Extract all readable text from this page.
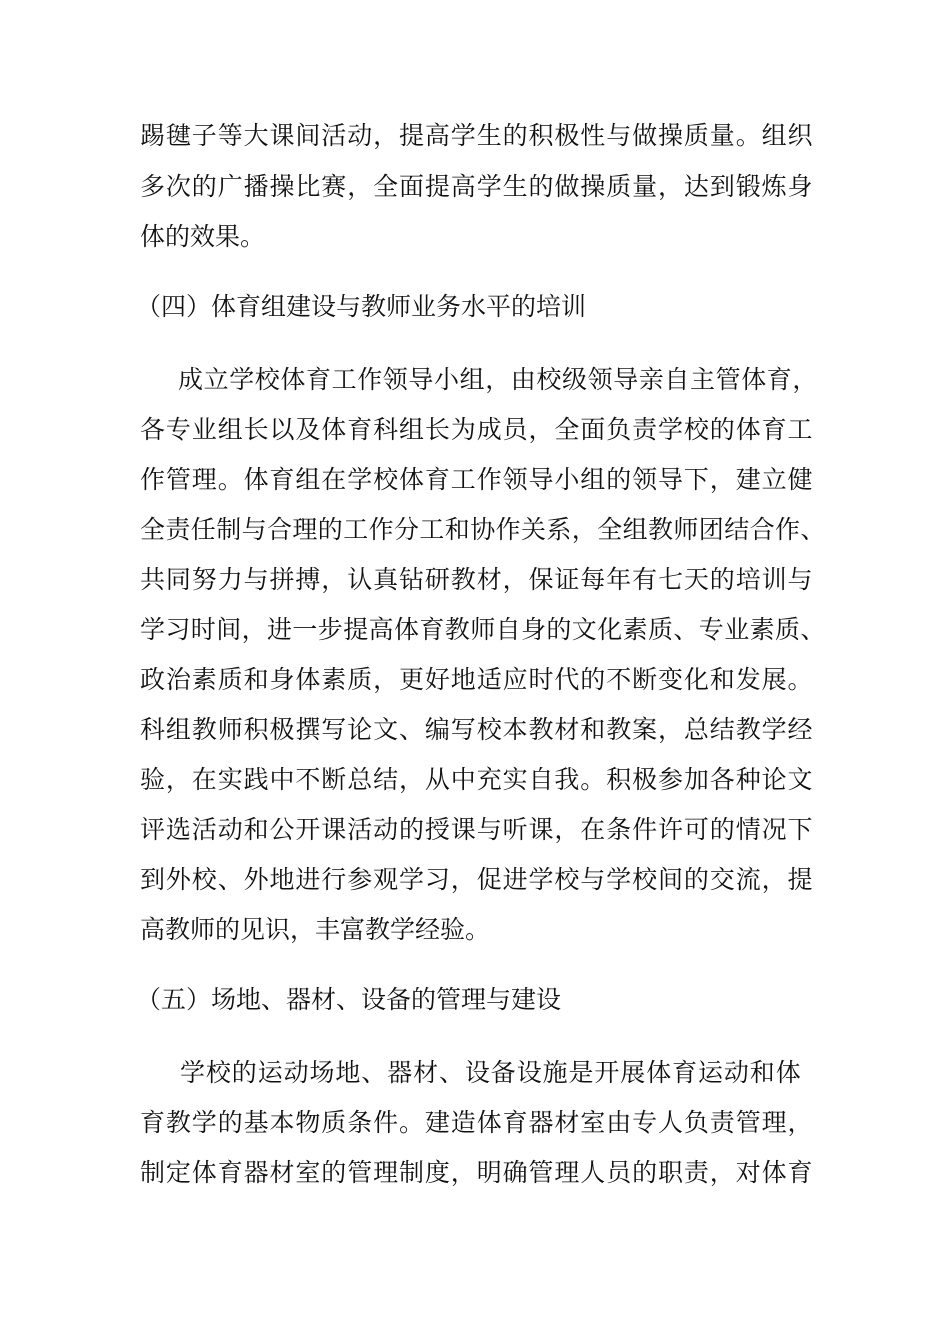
踢毽子等大课间活动，提高学生的积极性与做操质量。组织

多次的广播操比赛，全面提高学生的做操质量，达到锻炼身

体的效果。

（四）体育组建设与教师业务水平的培训

成立学校体育工作领导小组，由校级领导亲自主管体育，

各专业组长以及体育科组长为成员，全面负责学校的体育工

作管理。体育组在学校体育工作领导小组的领导下，建立健

全责任制与合理的工作分工和协作关系，全组教师团结合作、

共同努力与拼搏，认真钻研教材，保证每年有七天的培训与

学习时间，进一步提高体育教师自身的文化素质、专业素质、

政治素质和身体素质，更好地适应时代的不断变化和发展。

科组教师积极撰写论文、编写校本教材和教案，总结教学经

验，在实践中不断总结，从中充实自我。积极参加各种论文

评选活动和公开课活动的授课与听课，在条件许可的情况下

到外校、外地进行参观学习，促进学校与学校间的交流，提

高教师的见识，丰富教学经验。

（五）场地、器材、设备的管理与建设

学校的运动场地、器材、设备设施是开展体育运动和体

育教学的基本物质条件。建造体育器材室由专人负责管理，

制定体育器材室的管理制度，明确管理人员的职责，对体育
